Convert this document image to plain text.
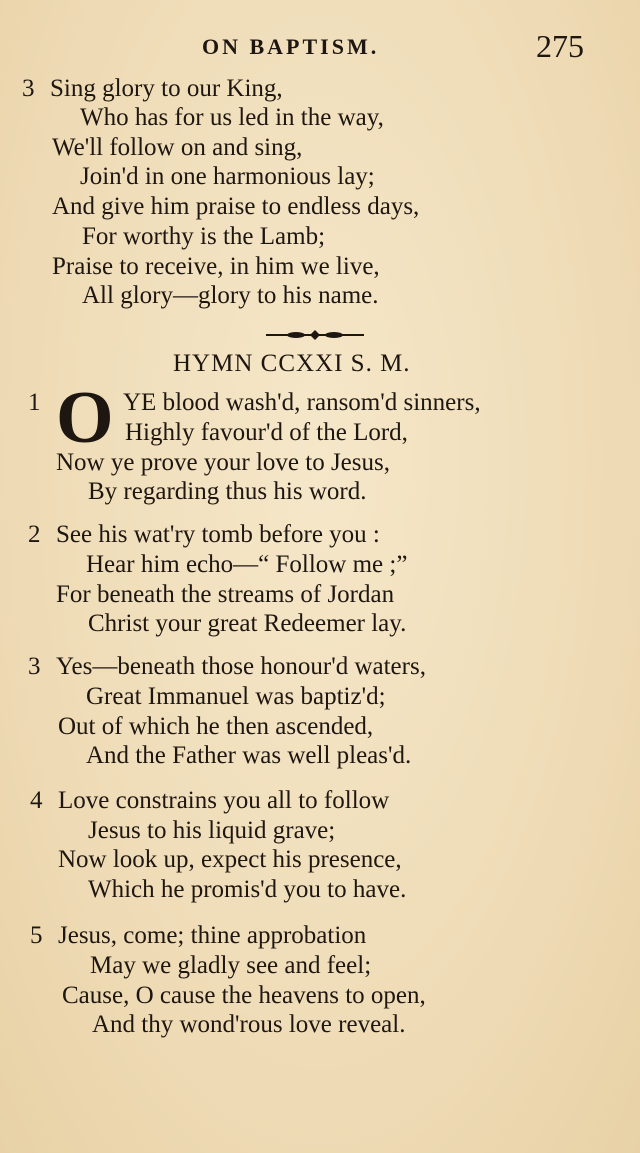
ON BAPTISM.	275
3 Sing glory to our King,
Who has for us led in the way,
We'll follow on and sing,
Join'd in one harmonious lay;
And give him praise to endless days,
For worthy is the Lamb;
Praise to receive, in him we live,
All glory—glory to his name.
HYMN CCXXI S. M.
1 O YE blood wash'd, ransom'd sinners,
Highly favour'd of the Lord,
Now ye prove your love to Jesus,
By regarding thus his word.
2 See his wat'ry tomb before you :
Hear him echo—“ Follow me ;”
For beneath the streams of Jordan
Christ your great Redeemer lay.
3 Yes—beneath those honour'd waters,
Great Immanuel was baptiz'd;
Out of which he then ascended,
And the Father was well pleas'd.
4 Love constrains you all to follow
Jesus to his liquid grave;
Now look up, expect his presence,
Which he promis'd you to have.
5 Jesus, come; thine approbation
May we gladly see and feel;
Cause, O cause the heavens to open,
And thy wond'rous love reveal.
